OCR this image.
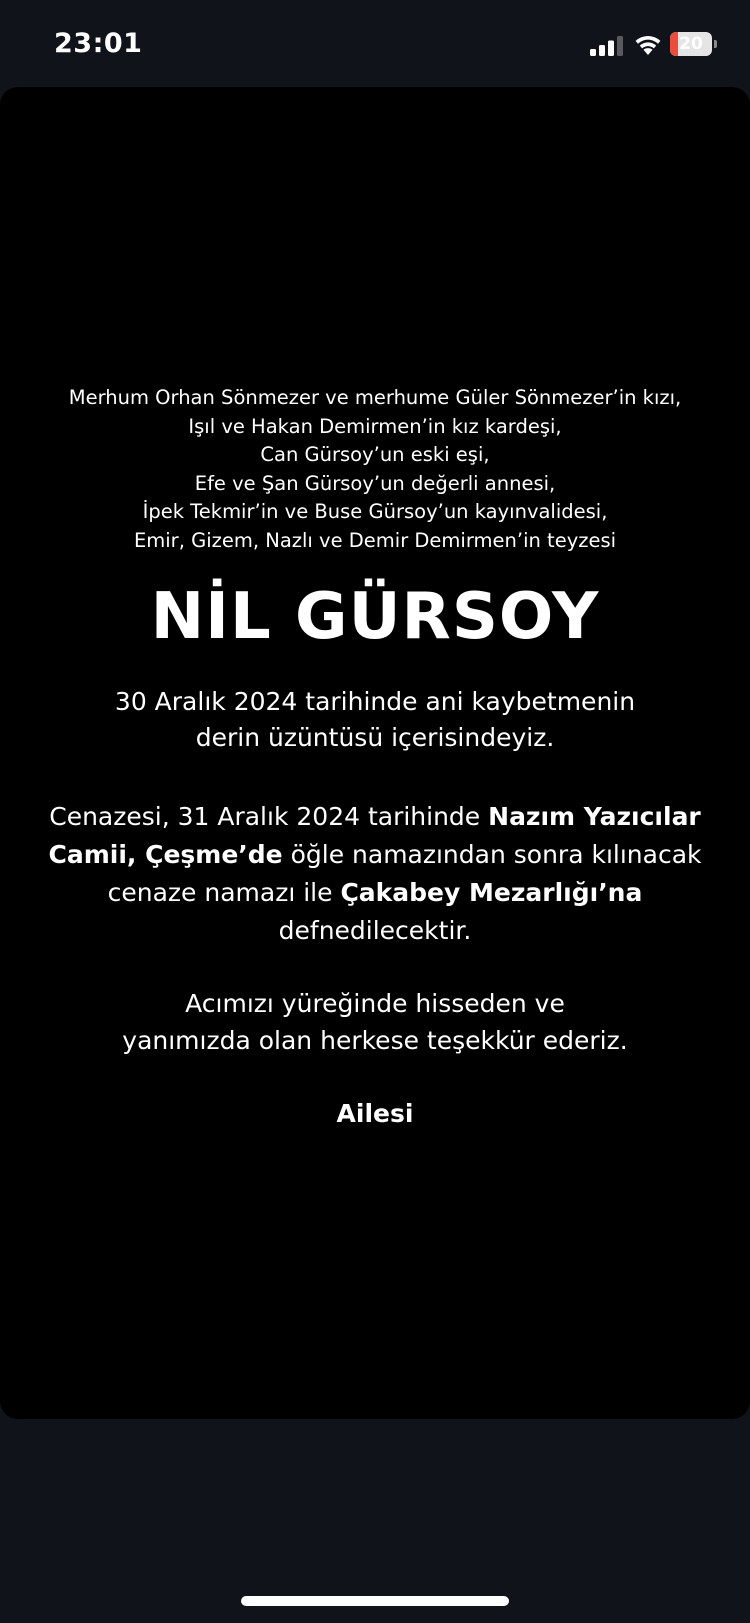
23:01	20
Merhum Orhan Sönmezer ve merhume Güler Sönmezer’in kızı,
Işıl ve Hakan Demirmen’in kız kardeşi,
Can Gürsoy’un eski eşi,
Efe ve Şan Gürsoy’un değerli annesi,
İpek Tekmir’in ve Buse Gürsoy’un kayınvalidesi,
Emir, Gizem, Nazlı ve Demir Demirmen’in teyzesi
NİL GÜRSOY
30 Aralık 2024 tarihinde ani kaybetmenin
derin üzüntüsü içerisindeyiz.
Cenazesi, 31 Aralık 2024 tarihinde Nazım Yazıcılar
Camii, Çeşme’de öğle namazından sonra kılınacak
cenaze namazı ile Çakabey Mezarlığı’na
defnedilecektir.
Acımızı yüreğinde hisseden ve
yanımızda olan herkese teşekkür ederiz.
Ailesi
